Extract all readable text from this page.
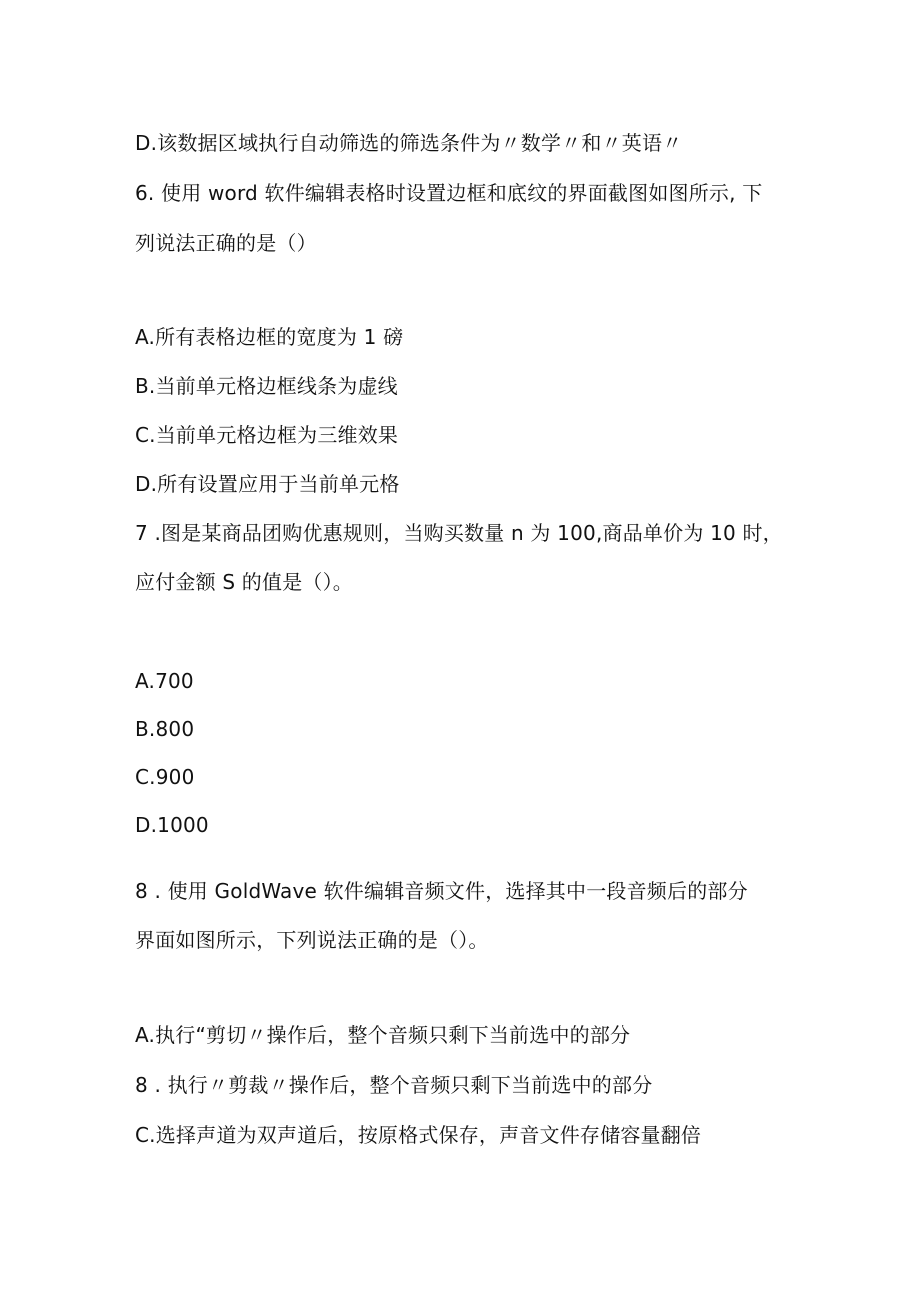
D.该数据区域执行自动筛选的筛选条件为〃数学〃和〃英语〃
6. 使用 word 软件编辑表格时设置边框和底纹的界面截图如图所示, 下
列说法正确的是（）
A.所有表格边框的宽度为 1 磅
B.当前单元格边框线条为虚线
C.当前单元格边框为三维效果
D.所有设置应用于当前单元格
7 .图是某商品团购优惠规则，当购买数量 n 为 100,商品单价为 10 时，
应付金额 S 的值是（）。
A.700
B.800
C.900
D.1000
8 . 使用 GoldWave 软件编辑音频文件，选择其中一段音频后的部分
界面如图所示，下列说法正确的是（）。
A.执行“剪切〃操作后，整个音频只剩下当前选中的部分
8 . 执行〃剪裁〃操作后，整个音频只剩下当前选中的部分
C.选择声道为双声道后，按原格式保存，声音文件存储容量翻倍
